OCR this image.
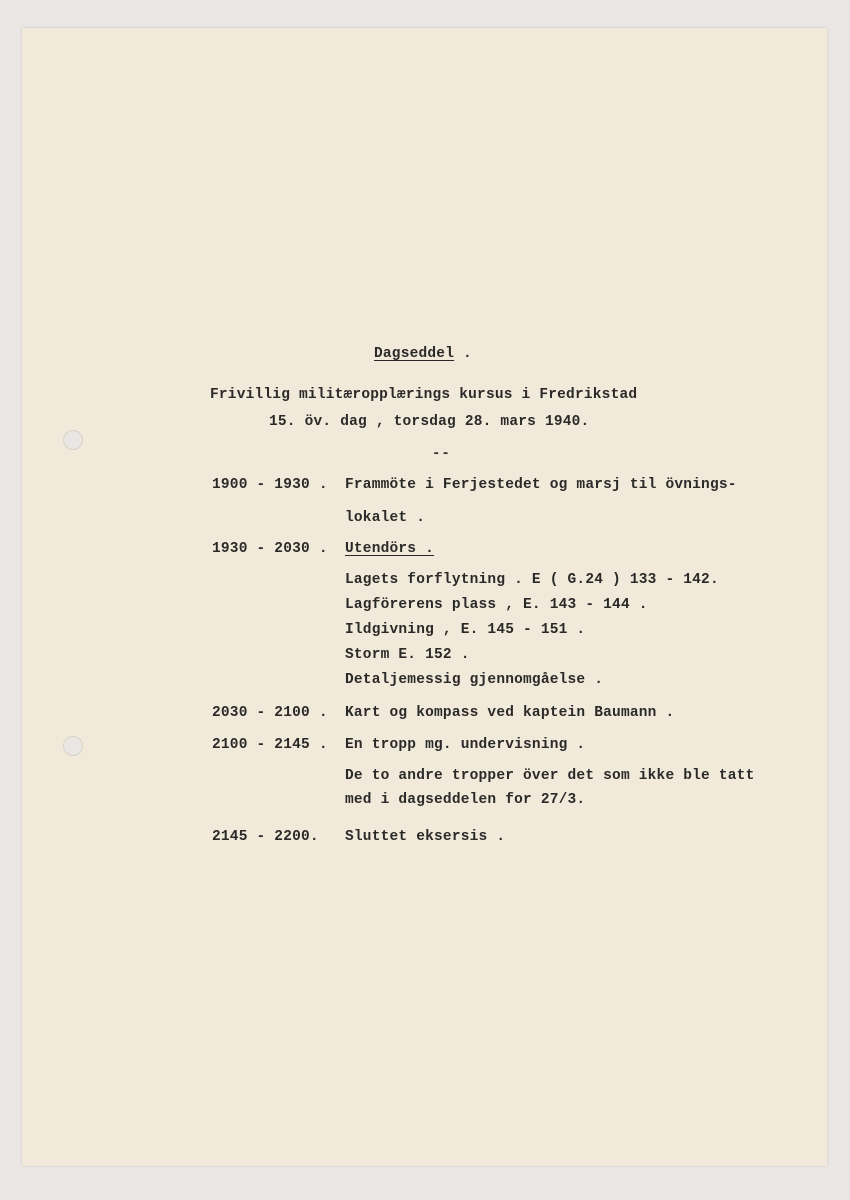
Dagseddel .
Frivillig militæropplærings kursus i Fredrikstad
15. öv. dag , torsdag 28. mars 1940.
--
1900 - 1930 . Frammöte i Ferjestedet og marsj til övnings-
lokalet .
1930 - 2030 . Utendörs .
Lagets forflytning . E ( G.24 ) 133 - 142.
Lagförerens plass , E. 143 - 144 .
Ildgivning , E. 145 - 151 .
Storm E. 152 .
Detaljemessig gjennomgåelse .
2030 - 2100 . Kart og kompass ved kaptein Baumann .
2100 - 2145 . En tropp mg. undervisning .
De to andre tropper över det som ikke ble tatt
med i dagseddelen for 27/3.
2145 - 2200. Sluttet eksersis .
